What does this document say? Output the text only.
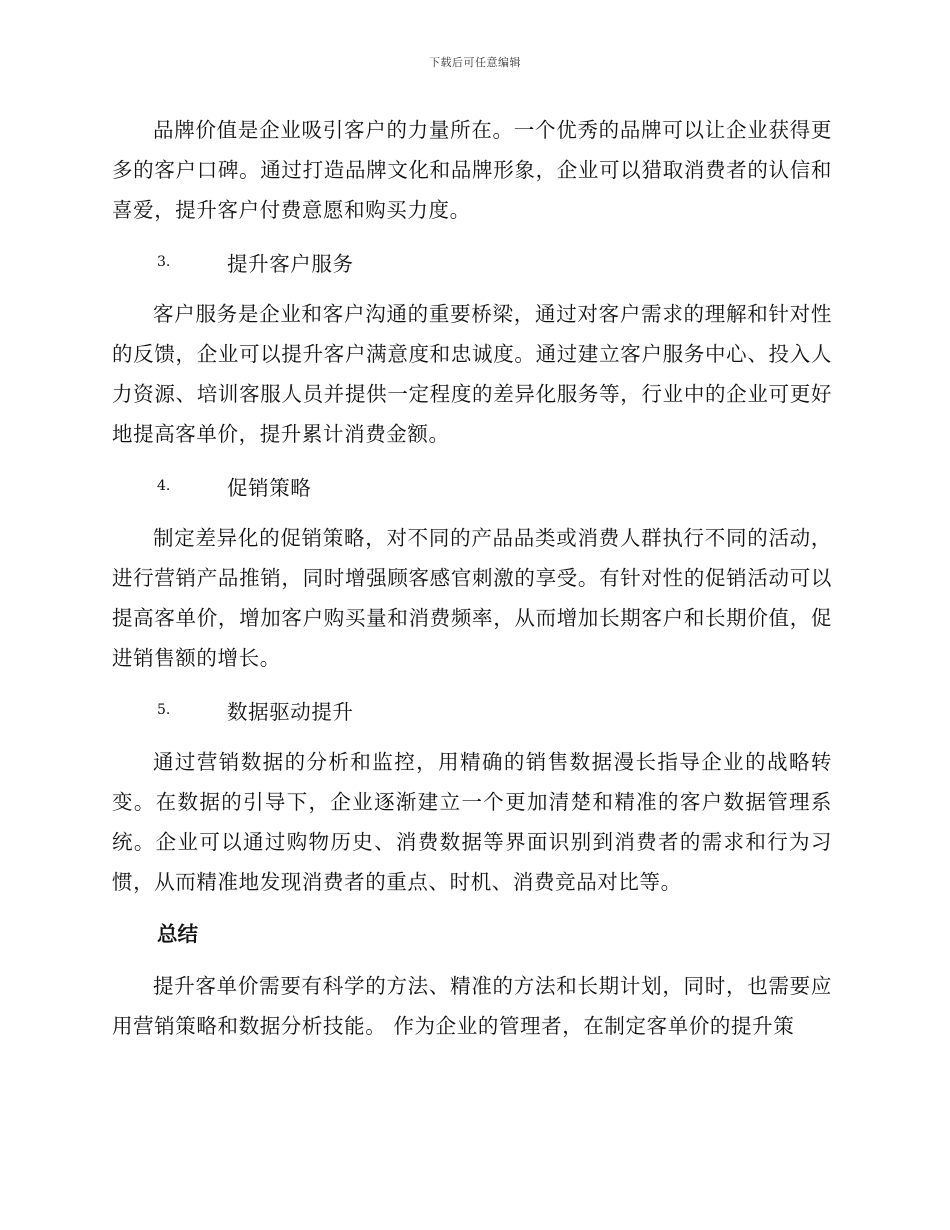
下载后可任意编辑

品牌价值是企业吸引客户的力量所在。一个优秀的品牌可以让企业获得更多的客户口碑。通过打造品牌文化和品牌形象，企业可以猎取消费者的认信和喜爱，提升客户付费意愿和购买力度。

3.	提升客户服务

客户服务是企业和客户沟通的重要桥梁，通过对客户需求的理解和针对性的反馈，企业可以提升客户满意度和忠诚度。通过建立客户服务中心、投入人力资源、培训客服人员并提供一定程度的差异化服务等，行业中的企业可更好地提高客单价，提升累计消费金额。

4.	促销策略

制定差异化的促销策略，对不同的产品品类或消费人群执行不同的活动，进行营销产品推销，同时增强顾客感官刺激的享受。有针对性的促销活动可以提高客单价，增加客户购买量和消费频率，从而增加长期客户和长期价值，促进销售额的增长。

5.	数据驱动提升

通过营销数据的分析和监控，用精确的销售数据漫长指导企业的战略转变。在数据的引导下，企业逐渐建立一个更加清楚和精准的客户数据管理系统。企业可以通过购物历史、消费数据等界面识别到消费者的需求和行为习惯，从而精准地发现消费者的重点、时机、消费竞品对比等。

总结

提升客单价需要有科学的方法、精准的方法和长期计划，同时，也需要应用营销策略和数据分析技能。 作为企业的管理者，在制定客单价的提升策
